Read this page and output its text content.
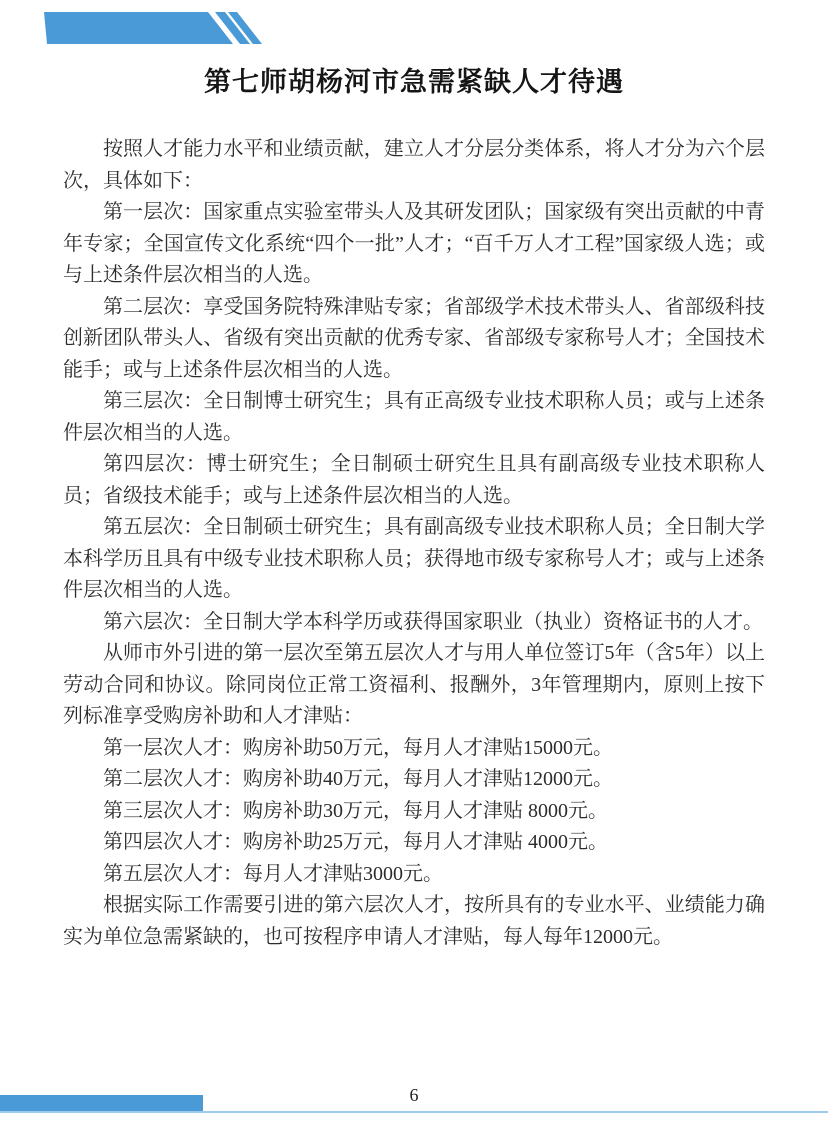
第七师胡杨河市急需紧缺人才待遇

按照人才能力水平和业绩贡献，建立人才分层分类体系，将人才分为六个层次，具体如下：

第一层次：国家重点实验室带头人及其研发团队；国家级有突出贡献的中青年专家；全国宣传文化系统“四个一批”人才；“百千万人才工程”国家级人选；或与上述条件层次相当的人选。

第二层次：享受国务院特殊津贴专家；省部级学术技术带头人、省部级科技创新团队带头人、省级有突出贡献的优秀专家、省部级专家称号人才；全国技术能手；或与上述条件层次相当的人选。

第三层次：全日制博士研究生；具有正高级专业技术职称人员；或与上述条件层次相当的人选。

第四层次：博士研究生；全日制硕士研究生且具有副高级专业技术职称人员；省级技术能手；或与上述条件层次相当的人选。

第五层次：全日制硕士研究生；具有副高级专业技术职称人员；全日制大学本科学历且具有中级专业技术职称人员；获得地市级专家称号人才；或与上述条件层次相当的人选。

第六层次：全日制大学本科学历或获得国家职业（执业）资格证书的人才。

从师市外引进的第一层次至第五层次人才与用人单位签订5年（含5年）以上劳动合同和协议。除同岗位正常工资福利、报酬外，3年管理期内，原则上按下列标准享受购房补助和人才津贴：

第一层次人才：购房补助50万元，每月人才津贴15000元。

第二层次人才：购房补助40万元，每月人才津贴12000元。

第三层次人才：购房补助30万元，每月人才津贴 8000元。

第四层次人才：购房补助25万元，每月人才津贴 4000元。

第五层次人才：每月人才津贴3000元。

根据实际工作需要引进的第六层次人才，按所具有的专业水平、业绩能力确实为单位急需紧缺的，也可按程序申请人才津贴，每人每年12000元。

6
